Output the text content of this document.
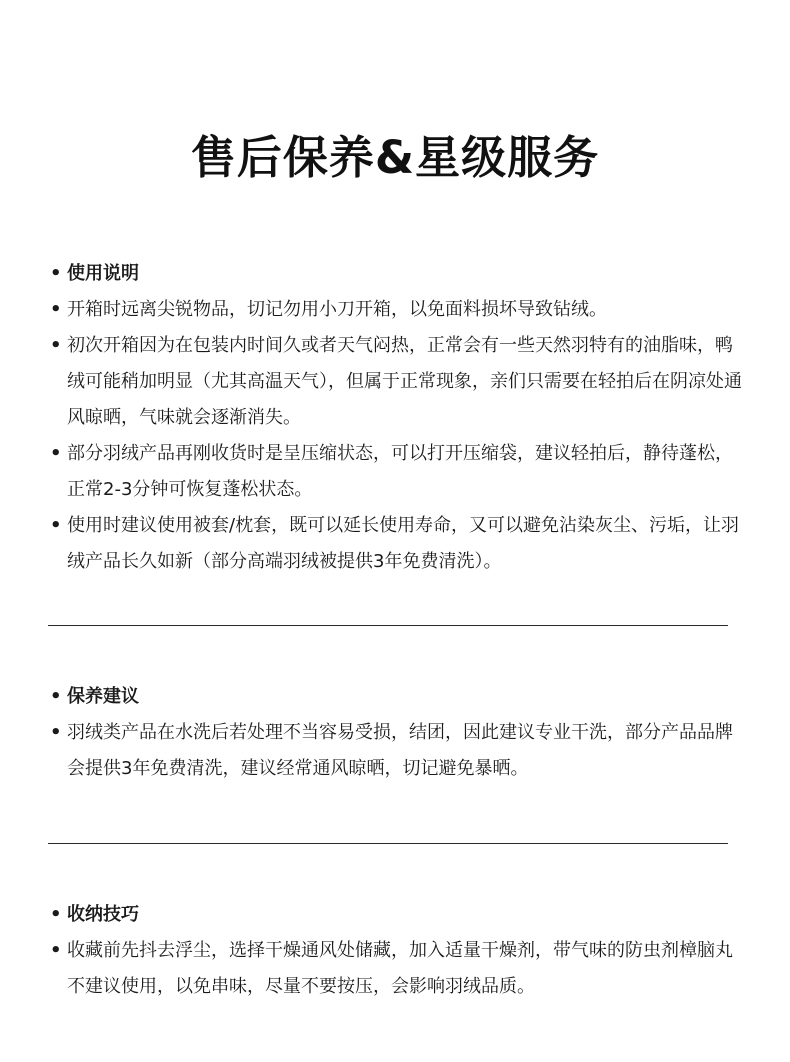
售后保养&星级服务
• 使用说明
• 开箱时远离尖锐物品，切记勿用小刀开箱，以免面料损坏导致钻绒。
• 初次开箱因为在包装内时间久或者天气闷热，正常会有一些天然羽特有的油脂味，鸭绒可能稍加明显（尤其高温天气），但属于正常现象，亲们只需要在轻拍后在阴凉处通风晾晒，气味就会逐渐消失。
• 部分羽绒产品再刚收货时是呈压缩状态，可以打开压缩袋，建议轻拍后，静待蓬松，正常2-3分钟可恢复蓬松状态。
• 使用时建议使用被套/枕套，既可以延长使用寿命，又可以避免沾染灰尘、污垢，让羽绒产品长久如新（部分高端羽绒被提供3年免费清洗）。
• 保养建议
• 羽绒类产品在水洗后若处理不当容易受损，结团，因此建议专业干洗，部分产品品牌会提供3年免费清洗，建议经常通风晾晒，切记避免暴晒。
• 收纳技巧
• 收藏前先抖去浮尘，选择干燥通风处储藏，加入适量干燥剂，带气味的防虫剂樟脑丸不建议使用，以免串味，尽量不要按压，会影响羽绒品质。
